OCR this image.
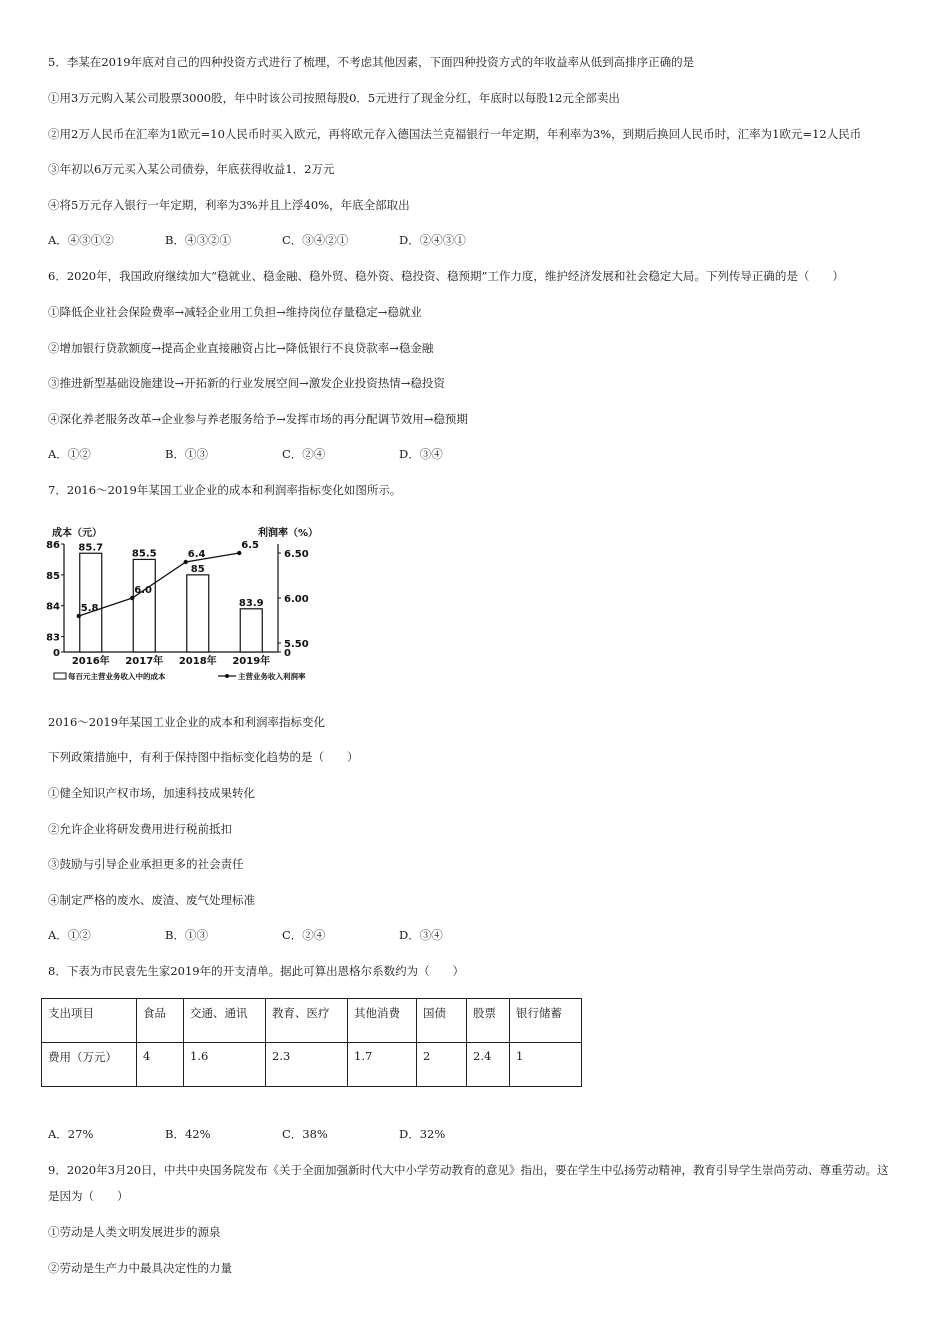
5．李某在2019年底对自己的四种投资方式进行了梳理，不考虑其他因素，下面四种投资方式的年收益率从低到高排序正确的是
①用3万元购入某公司股票3000股，年中时该公司按照每股0．5元进行了现金分红，年底时以每股12元全部卖出
②用2万人民币在汇率为1欧元=10人民币时买入欧元，再将欧元存入德国法兰克福银行一年定期，年利率为3%，到期后换回人民币时，汇率为1欧元=12人民币
③年初以6万元买入某公司债券，年底获得收益1．2万元
④将5万元存入银行一年定期，利率为3%并且上浮40%，年底全部取出
A．④③①②	B．④③②①	C．③④②①	D．②④③①
6．2020年，我国政府继续加大“稳就业、稳金融、稳外贸、稳外资、稳投资、稳预期”工作力度，维护经济发展和社会稳定大局。下列传导正确的是（　　）
①降低企业社会保险费率→减轻企业用工负担→维持岗位存量稳定→稳就业
②增加银行贷款额度→提高企业直接融资占比→降低银行不良贷款率→稳金融
③推进新型基础设施建设→开拓新的行业发展空间→激发企业投资热情→稳投资
④深化养老服务改革→企业参与养老服务给予→发挥市场的再分配调节效用→稳预期
A．①②	B．①③	C．②④	D．③④
7．2016～2019年某国工业企业的成本和利润率指标变化如图所示。
成本（元）	利润率（%）
86
85
84
83
0
6.50
6.00
5.50
0
85.7
85.5
85
83.9
5.8
6.0
6.4
6.5
2016年 2017年 2018年 2019年
每百元主营业务收入中的成本	主营业务收入利润率
2016～2019年某国工业企业的成本和利润率指标变化
下列政策措施中，有利于保持图中指标变化趋势的是（　　）
①健全知识产权市场，加速科技成果转化
②允许企业将研发费用进行税前抵扣
③鼓励与引导企业承担更多的社会责任
④制定严格的废水、废渣、废气处理标准
A．①②	B．①③	C．②④	D．③④
8．下表为市民袁先生家2019年的开支清单。据此可算出恩格尔系数约为（　　）
支出项目	食品	交通、通讯	教育、医疗	其他消费	国债	股票	银行储蓄
费用（万元）	4	1.6	2.3	1.7	2	2.4	1
A．27%	B．42%	C．38%	D．32%
9．2020年3月20日，中共中央国务院发布《关于全面加强新时代大中小学劳动教育的意见》指出，要在学生中弘扬劳动精神，教育引导学生崇尚劳动、尊重劳动。这
是因为（　　）
①劳动是人类文明发展进步的源泉
②劳动是生产力中最具决定性的力量
